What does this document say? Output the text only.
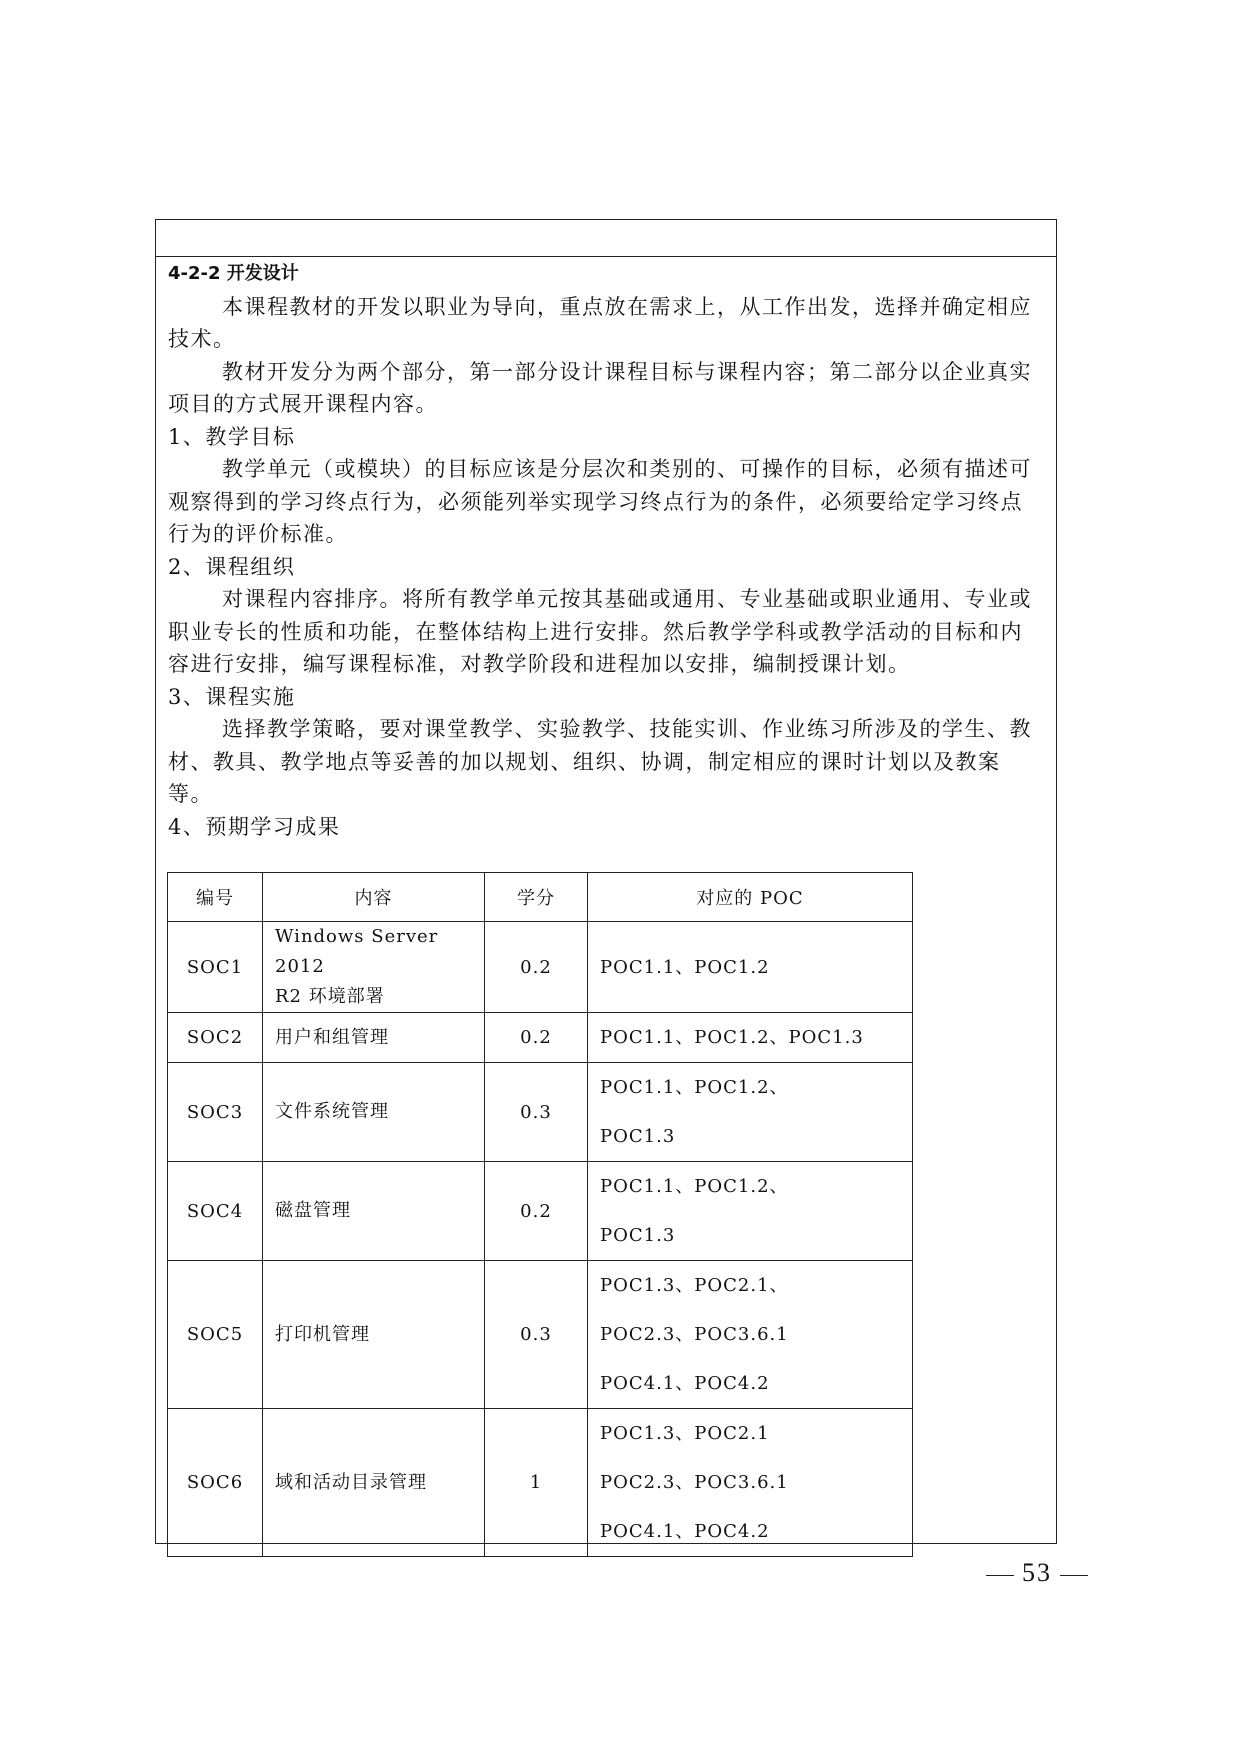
4-2-2 开发设计

本课程教材的开发以职业为导向，重点放在需求上，从工作出发，选择并确定相应技术。

教材开发分为两个部分，第一部分设计课程目标与课程内容；第二部分以企业真实项目的方式展开课程内容。

1、教学目标

教学单元（或模块）的目标应该是分层次和类别的、可操作的目标，必须有描述可观察得到的学习终点行为，必须能列举实现学习终点行为的条件，必须要给定学习终点行为的评价标准。

2、课程组织

对课程内容排序。将所有教学单元按其基础或通用、专业基础或职业通用、专业或职业专长的性质和功能，在整体结构上进行安排。然后教学学科或教学活动的目标和内容进行安排，编写课程标准，对教学阶段和进程加以安排，编制授课计划。

3、课程实施

选择教学策略，要对课堂教学、实验教学、技能实训、作业练习所涉及的学生、教材、教具、教学地点等妥善的加以规划、组织、协调，制定相应的课时计划以及教案等。

4、预期学习成果

编号	内容	学分	对应的 POC
SOC1	Windows Server 2012
R2 环境部署	0.2	POC1.1、POC1.2

SOC2	用户和组管理	0.2	POC1.1、POC1.2、POC1.3

SOC3	文件系统管理	0.3	POC1.1、POC1.2、
POC1.3

SOC4	磁盘管理	0.2	POC1.1、POC1.2、
POC1.3

SOC5	打印机管理	0.3	POC1.3、POC2.1、
POC2.3、POC3.6.1
POC4.1、POC4.2

SOC6	域和活动目录管理	1	POC1.3、POC2.1
POC2.3、POC3.6.1
POC4.1、POC4.2
53
